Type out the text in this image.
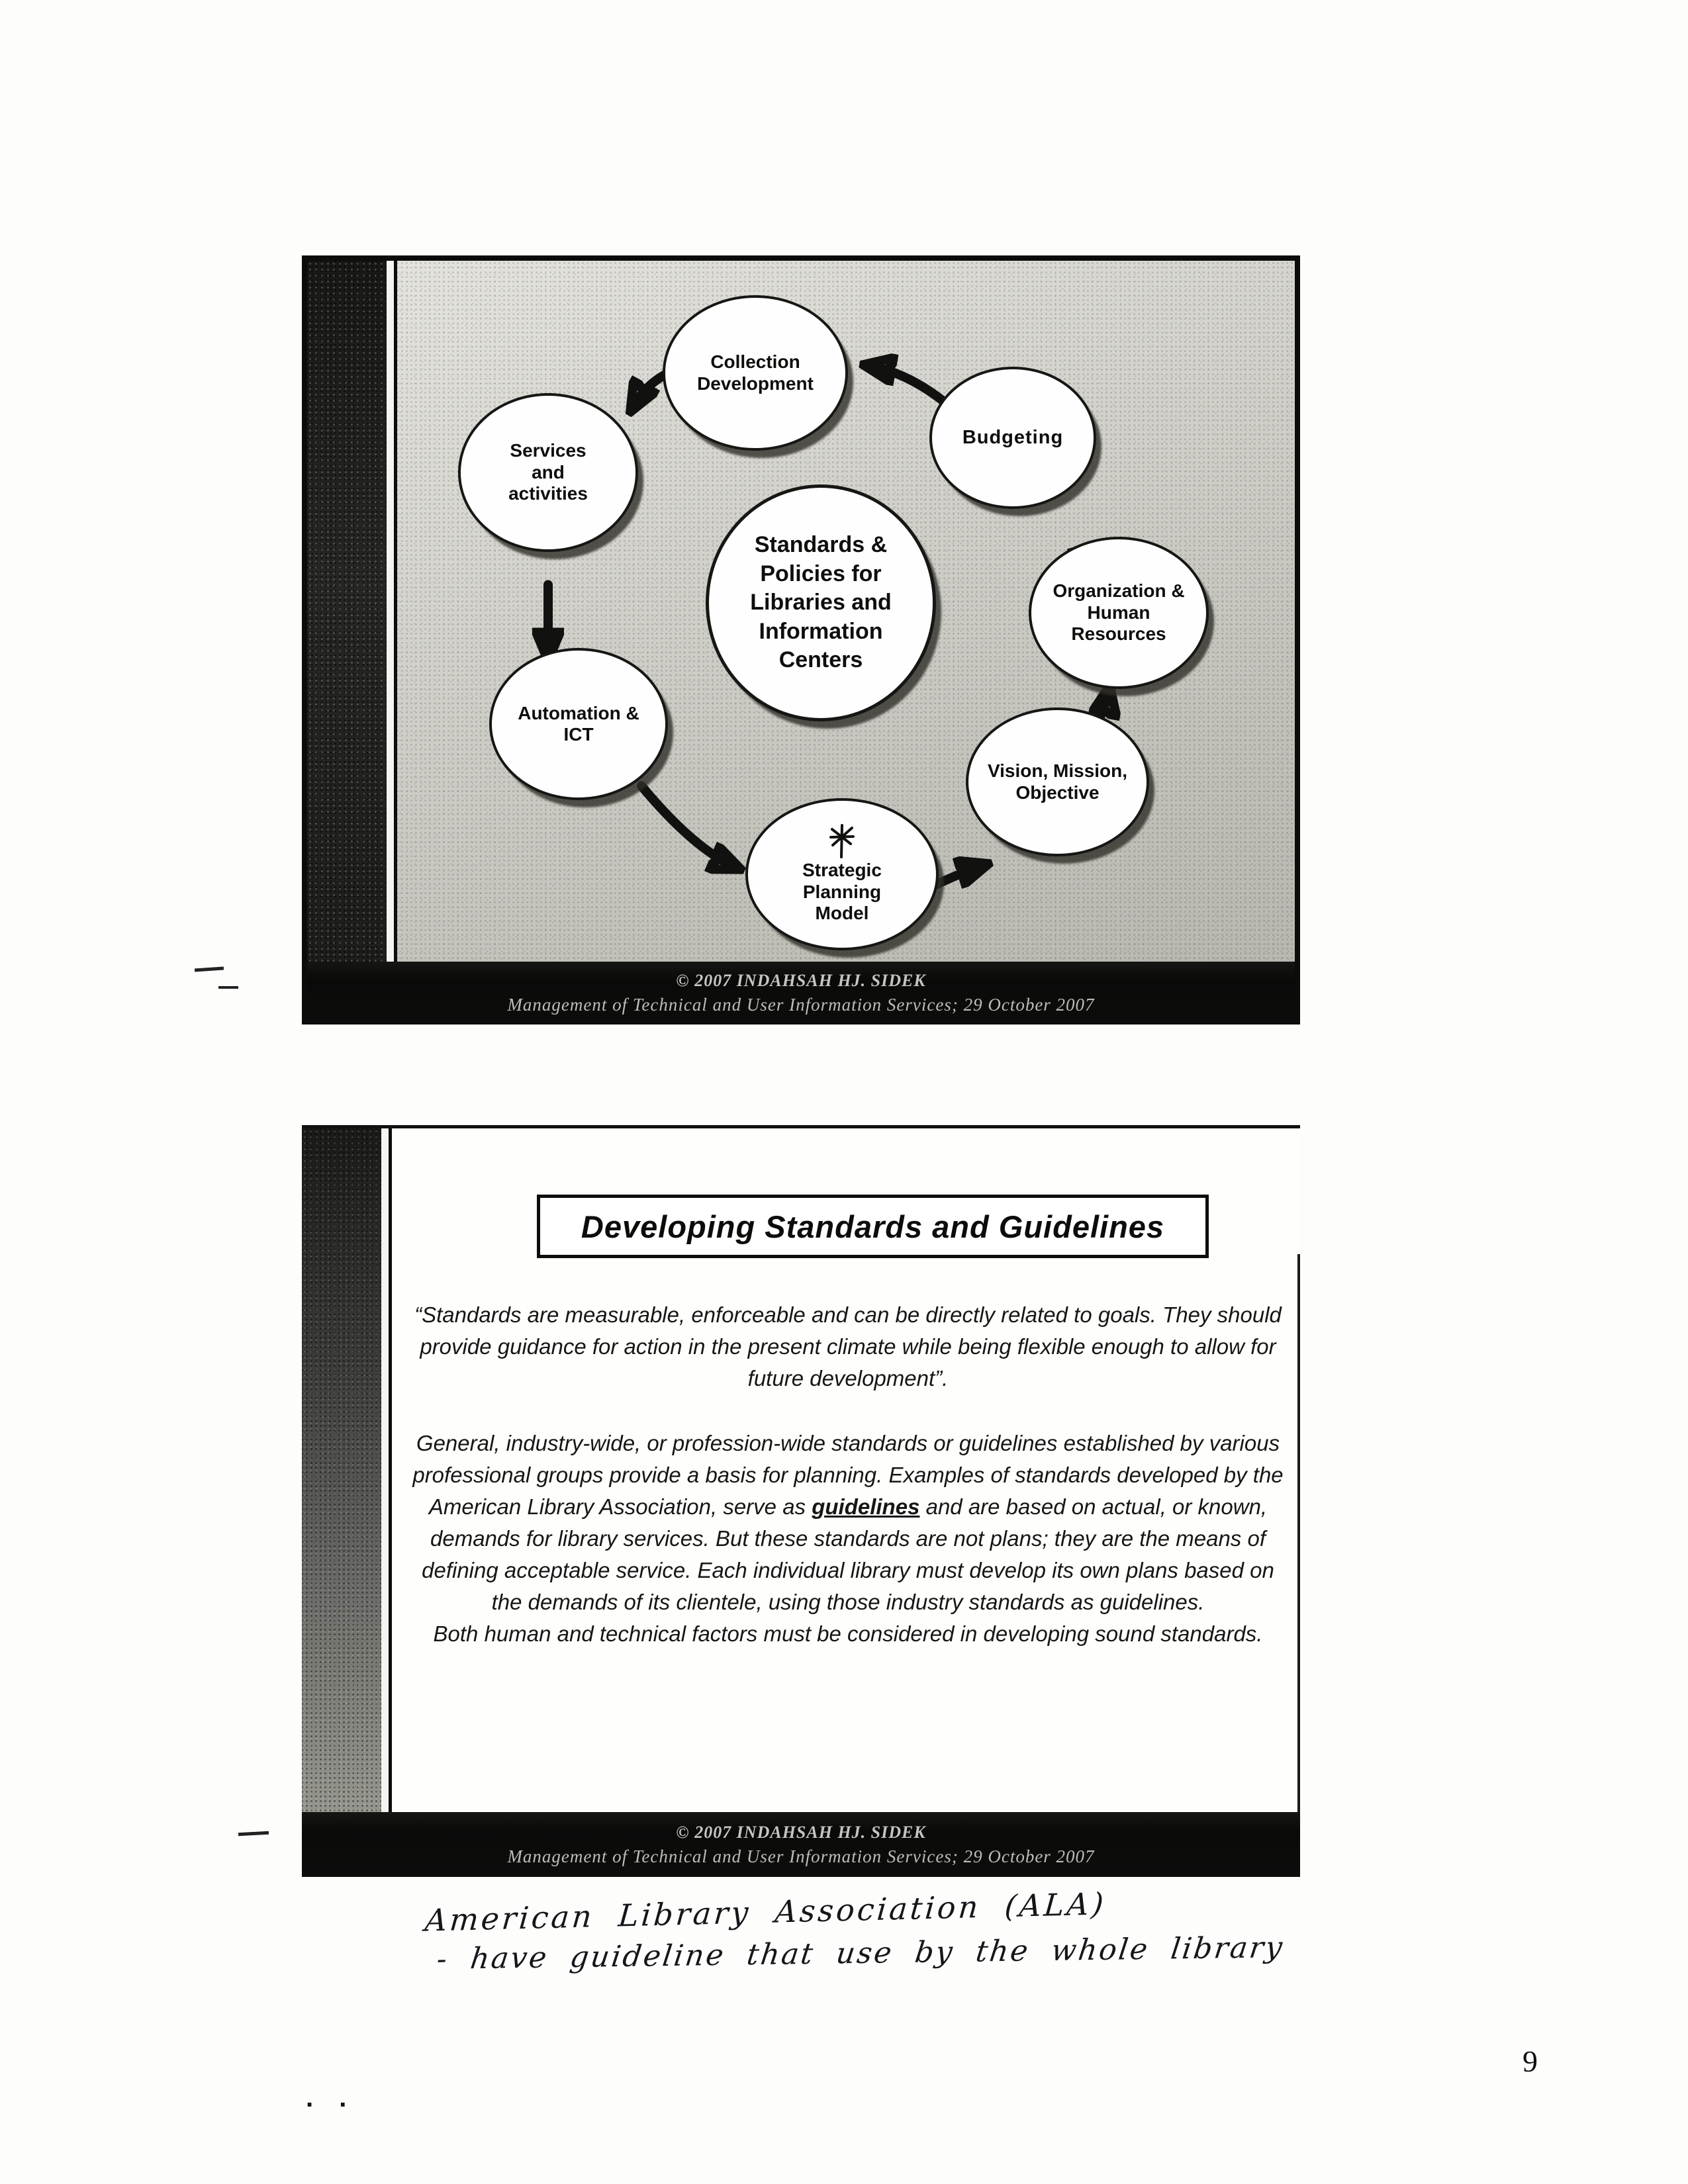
Collection Development
Budgeting
Services and activities
Standards & Policies for Libraries and Information Centers
Organization & Human Resources
Automation & ICT
Vision, Mission, Objective
Strategic Planning Model
© 2007 INDAHSAH HJ. SIDEK
Management of Technical and User Information Services; 29 October 2007
Developing Standards and Guidelines

“Standards are measurable, enforceable and can be directly related to goals. They should provide guidance for action in the present climate while being flexible enough to allow for future development”.

General, industry-wide, or profession-wide standards or guidelines established by various professional groups provide a basis for planning. Examples of standards developed by the American Library Association, serve as guidelines and are based on actual, or known, demands for library services. But these standards are not plans; they are the means of defining acceptable service. Each individual library must develop its own plans based on the demands of its clientele, using those industry standards as guidelines.

Both human and technical factors must be considered in developing sound standards.

© 2007 INDAHSAH HJ. SIDEK
Management of Technical and User Information Services; 29 October 2007
American Library Association (ALA)
- have guideline that use by the whole library
9
. .
